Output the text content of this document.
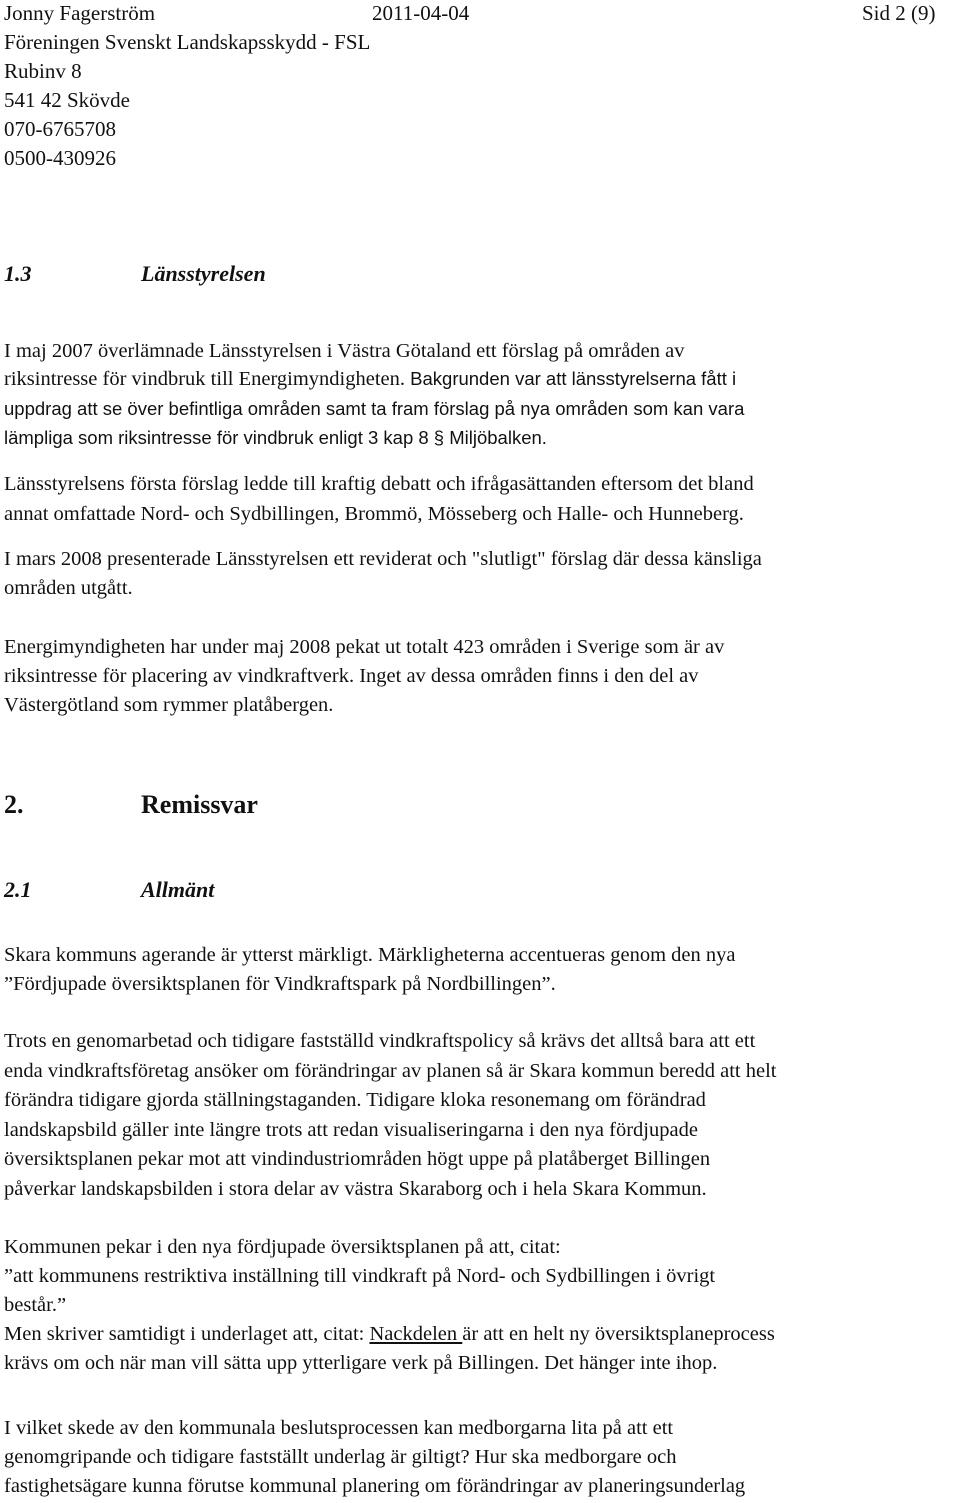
Jonny Fagerström	2011-04-04	Sid 2 (9)
Föreningen Svenskt Landskapsskydd - FSL
Rubinv 8
541 42 Skövde
070-6765708
0500-430926
1.3	Länsstyrelsen
I maj 2007 överlämnade Länsstyrelsen i Västra Götaland ett förslag på områden av
riksintresse för vindbruk till Energimyndigheten. Bakgrunden var att länsstyrelserna fått i
uppdrag att se över befintliga områden samt ta fram förslag på nya områden som kan vara
lämpliga som riksintresse för vindbruk enligt 3 kap 8 § Miljöbalken.
Länsstyrelsens första förslag ledde till kraftig debatt och ifrågasättanden eftersom det bland
annat omfattade Nord- och Sydbillingen, Brommö, Mösseberg och Halle- och Hunneberg.
I mars 2008 presenterade Länsstyrelsen ett reviderat och "slutligt" förslag där dessa känsliga
områden utgått.
Energimyndigheten har under maj 2008 pekat ut totalt 423 områden i Sverige som är av
riksintresse för placering av vindkraftverk. Inget av dessa områden finns i den del av
Västergötland som rymmer platåbergen.
2.	Remissvar
2.1	Allmänt
Skara kommuns agerande är ytterst märkligt. Märkligheterna accentueras genom den nya
”Fördjupade översiktsplanen för Vindkraftspark på Nordbillingen”.
Trots en genomarbetad och tidigare fastställd vindkraftspolicy så krävs det alltså bara att ett
enda vindkraftsföretag ansöker om förändringar av planen så är Skara kommun beredd att helt
förändra tidigare gjorda ställningstaganden. Tidigare kloka resonemang om förändrad
landskapsbild gäller inte längre trots att redan visualiseringarna i den nya fördjupade
översiktsplanen pekar mot att vindindustriområden högt uppe på platåberget Billingen
påverkar landskapsbilden i stora delar av västra Skaraborg och i hela Skara Kommun.
Kommunen pekar i den nya fördjupade översiktsplanen på att, citat:
”att kommunens restriktiva inställning till vindkraft på Nord- och Sydbillingen i övrigt
består.”
Men skriver samtidigt i underlaget att, citat: Nackdelen är att en helt ny översiktsplaneprocess
krävs om och när man vill sätta upp ytterligare verk på Billingen. Det hänger inte ihop.
I vilket skede av den kommunala beslutsprocessen kan medborgarna lita på att ett
genomgripande och tidigare fastställt underlag är giltigt? Hur ska medborgare och
fastighetsägare kunna förutse kommunal planering om förändringar av planeringsunderlag
